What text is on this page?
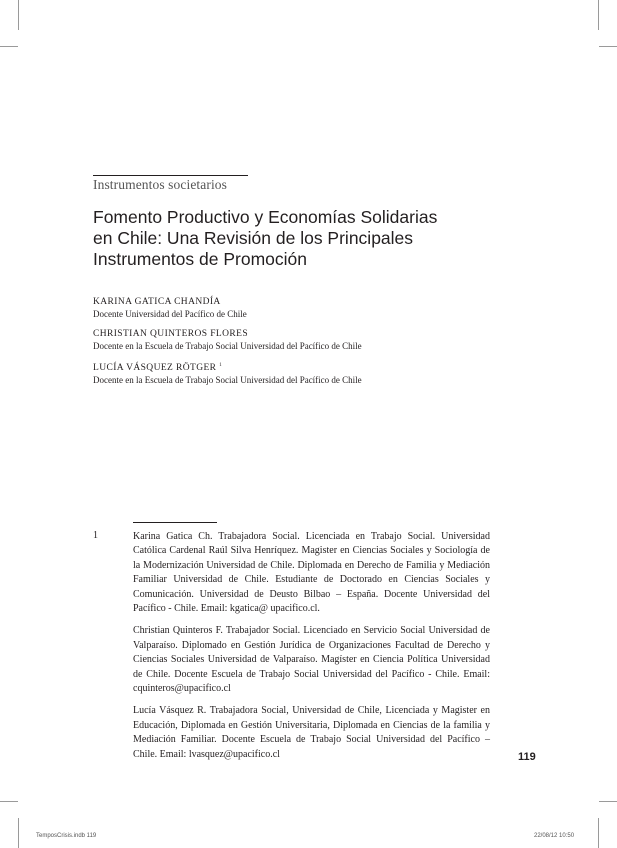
Instrumentos societarios
Fomento Productivo y Economías Solidarias
en Chile: Una Revisión de los Principales
Instrumentos de Promoción
KARINA GATICA CHANDÍA
Docente Universidad del Pacífico de Chile
CHRISTIAN QUINTEROS FLORES
Docente en la Escuela de Trabajo Social Universidad del Pacífico de Chile
LUCÍA VÁSQUEZ RÖTGER $^1$
Docente en la Escuela de Trabajo Social Universidad del Pacífico de Chile
1	Karina Gatica Ch. Trabajadora Social. Licenciada en Trabajo Social. Universidad Católica Cardenal Raúl Silva Henríquez. Magister en Ciencias Sociales y Sociología de la Modernización Universidad de Chile. Diplomada en Derecho de Familia y Mediación Familiar Universidad de Chile. Estudiante de Doctorado en Ciencias Sociales y Comunicación. Universidad de Deusto Bilbao – España. Docente Universidad del Pacífico - Chile. Email: kgatica@ upacifico.cl.

Christian Quinteros F. Trabajador Social. Licenciado en Servicio Social Universidad de Valparaíso. Diplomado en Gestión Jurídica de Organizaciones Facultad de Derecho y Ciencias Sociales Universidad de Valparaíso. Magíster en Ciencia Política Universidad de Chile. Docente Escuela de Trabajo Social Universidad del Pacífico - Chile. Email: cquinteros@upacifico.cl

Lucía Vásquez R. Trabajadora Social, Universidad de Chile, Licenciada y Magister en Educación, Diplomada en Gestión Universitaria, Diplomada en Ciencias de la familia y Mediación Familiar. Docente Escuela de Trabajo Social Universidad del Pacífico – Chile. Email: lvasquez@upacifico.cl	119
TemposCrisis.indb 119	22/08/12 10:50
